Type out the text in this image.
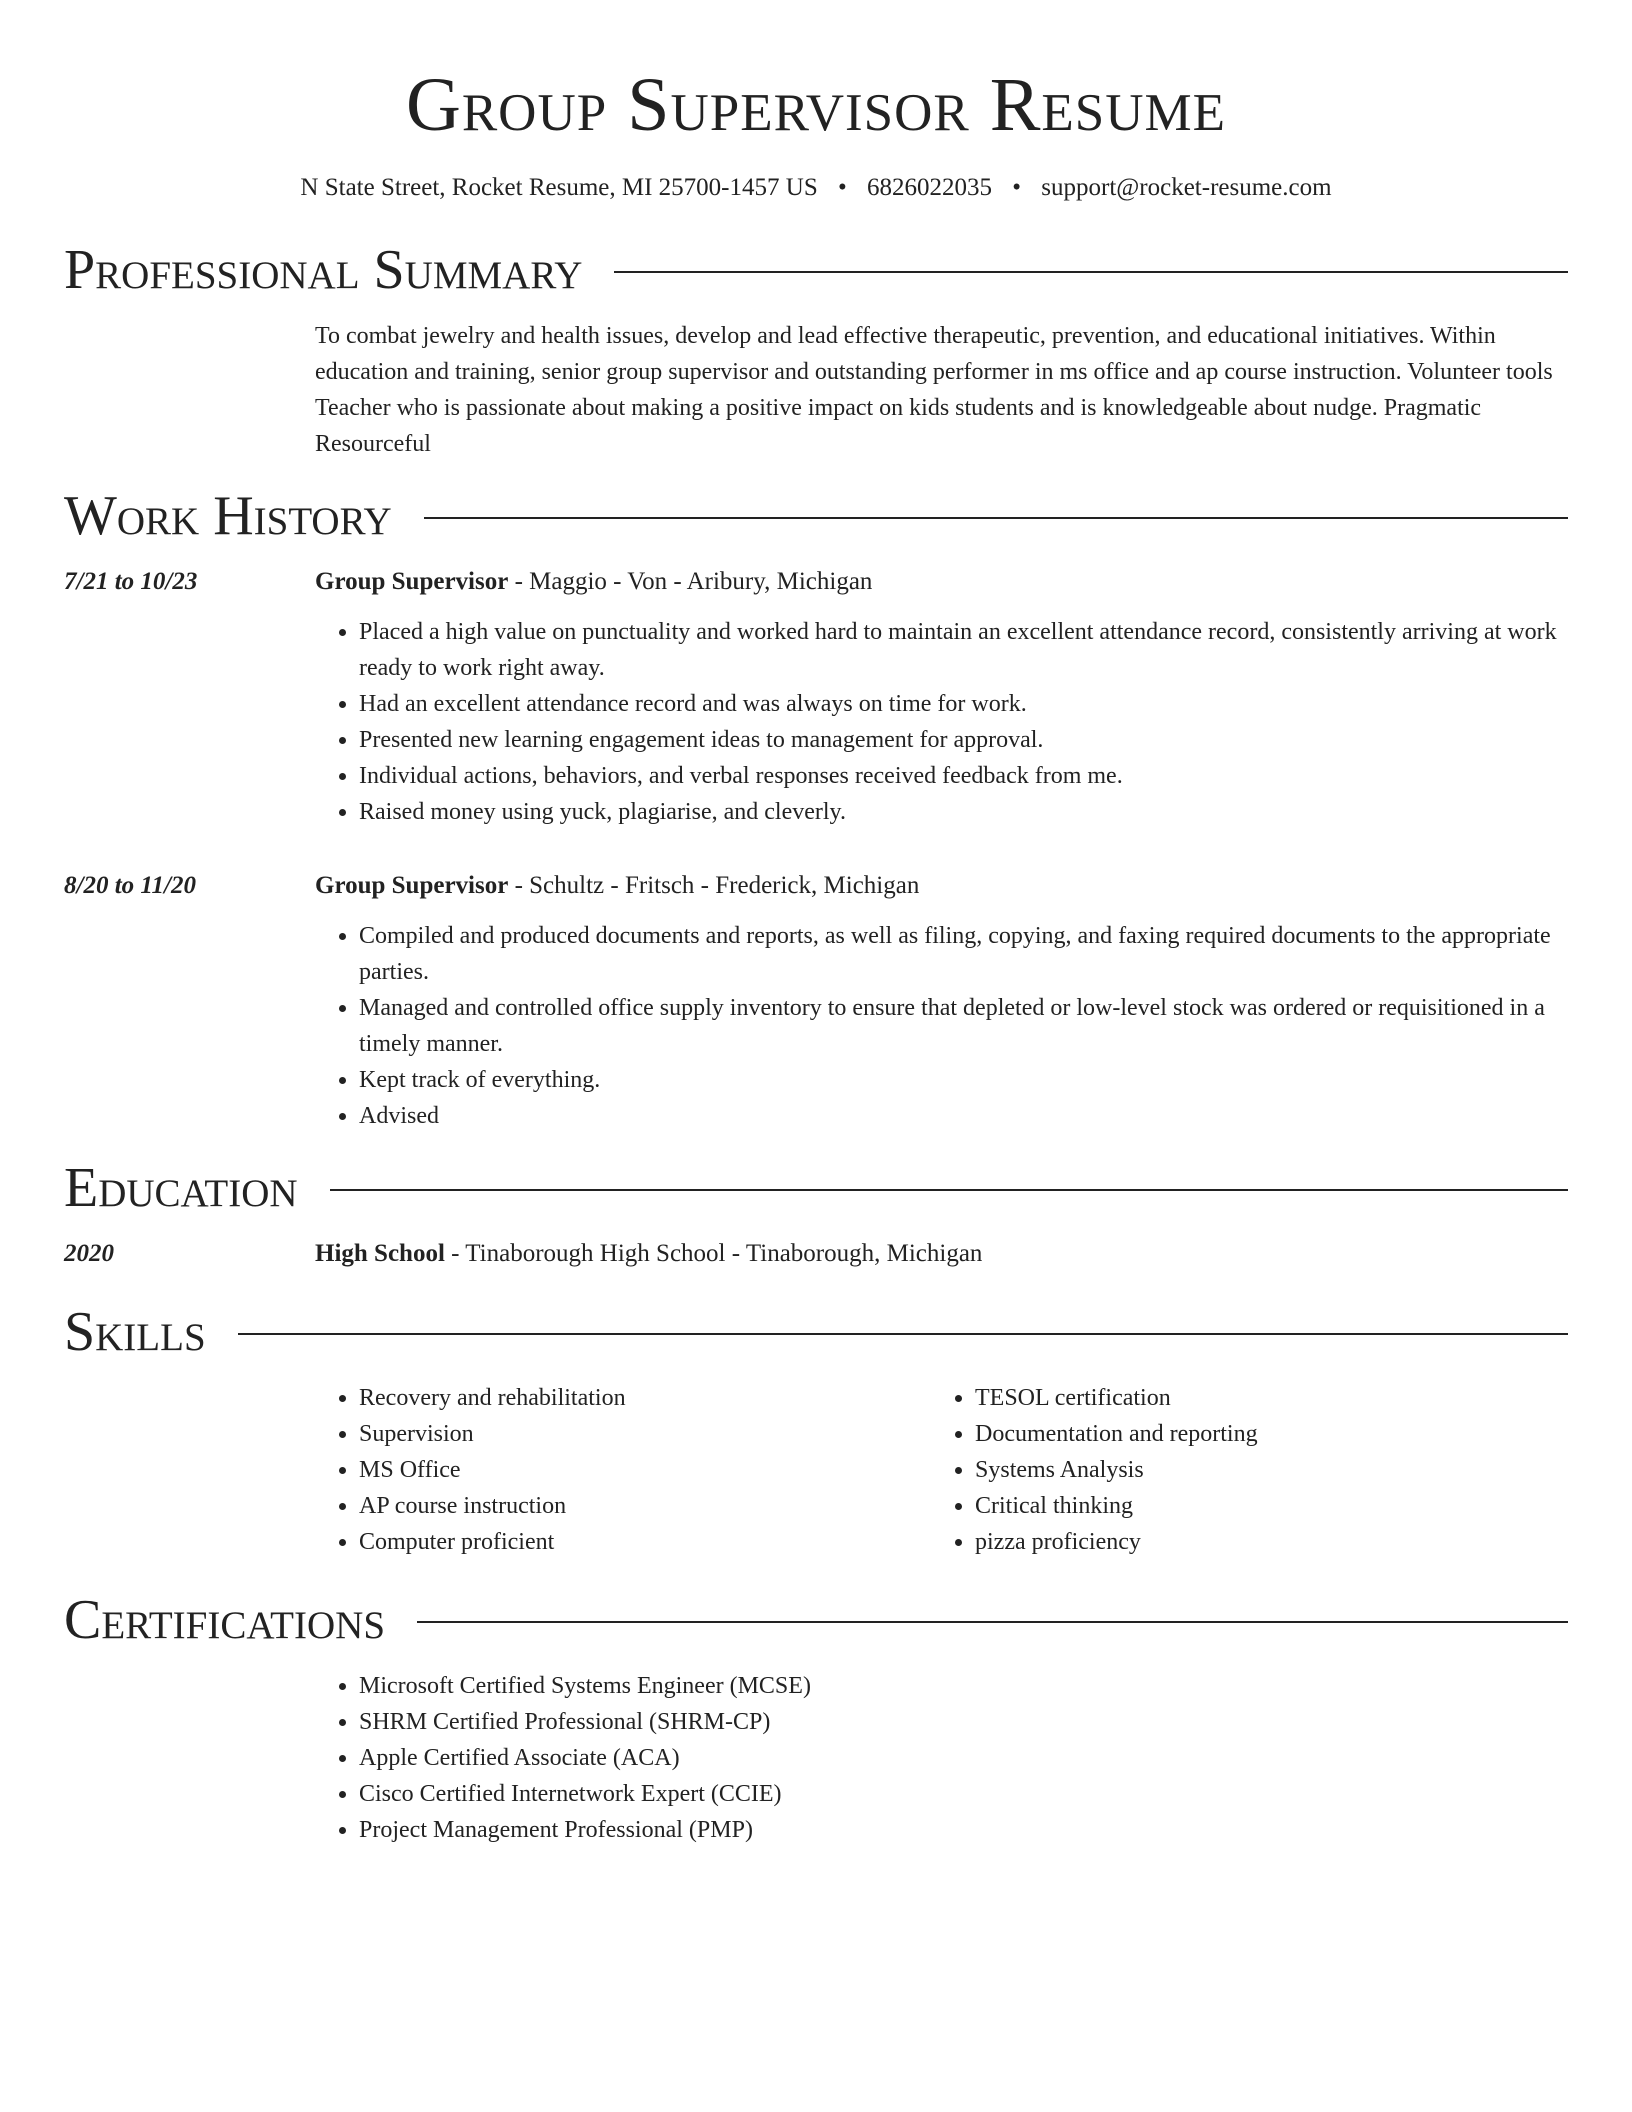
Group Supervisor Resume
N State Street, Rocket Resume, MI 25700-1457 US • 6826022035 • support@rocket-resume.com
Professional Summary
To combat jewelry and health issues, develop and lead effective therapeutic, prevention, and educational initiatives. Within education and training, senior group supervisor and outstanding performer in ms office and ap course instruction. Volunteer tools Teacher who is passionate about making a positive impact on kids students and is knowledgeable about nudge. Pragmatic Resourceful
Work History
7/21 to 10/23	Group Supervisor - Maggio - Von - Aribury, Michigan
• Placed a high value on punctuality and worked hard to maintain an excellent attendance record, consistently arriving at work ready to work right away.
• Had an excellent attendance record and was always on time for work.
• Presented new learning engagement ideas to management for approval.
• Individual actions, behaviors, and verbal responses received feedback from me.
• Raised money using yuck, plagiarise, and cleverly.
8/20 to 11/20	Group Supervisor - Schultz - Fritsch - Frederick, Michigan
• Compiled and produced documents and reports, as well as filing, copying, and faxing required documents to the appropriate parties.
• Managed and controlled office supply inventory to ensure that depleted or low-level stock was ordered or requisitioned in a timely manner.
• Kept track of everything.
• Advised
Education
2020	High School - Tinaborough High School - Tinaborough, Michigan
Skills
• Recovery and rehabilitation
• Supervision
• MS Office
• AP course instruction
• Computer proficient
• TESOL certification
• Documentation and reporting
• Systems Analysis
• Critical thinking
• pizza proficiency
Certifications
• Microsoft Certified Systems Engineer (MCSE)
• SHRM Certified Professional (SHRM-CP)
• Apple Certified Associate (ACA)
• Cisco Certified Internetwork Expert (CCIE)
• Project Management Professional (PMP)
